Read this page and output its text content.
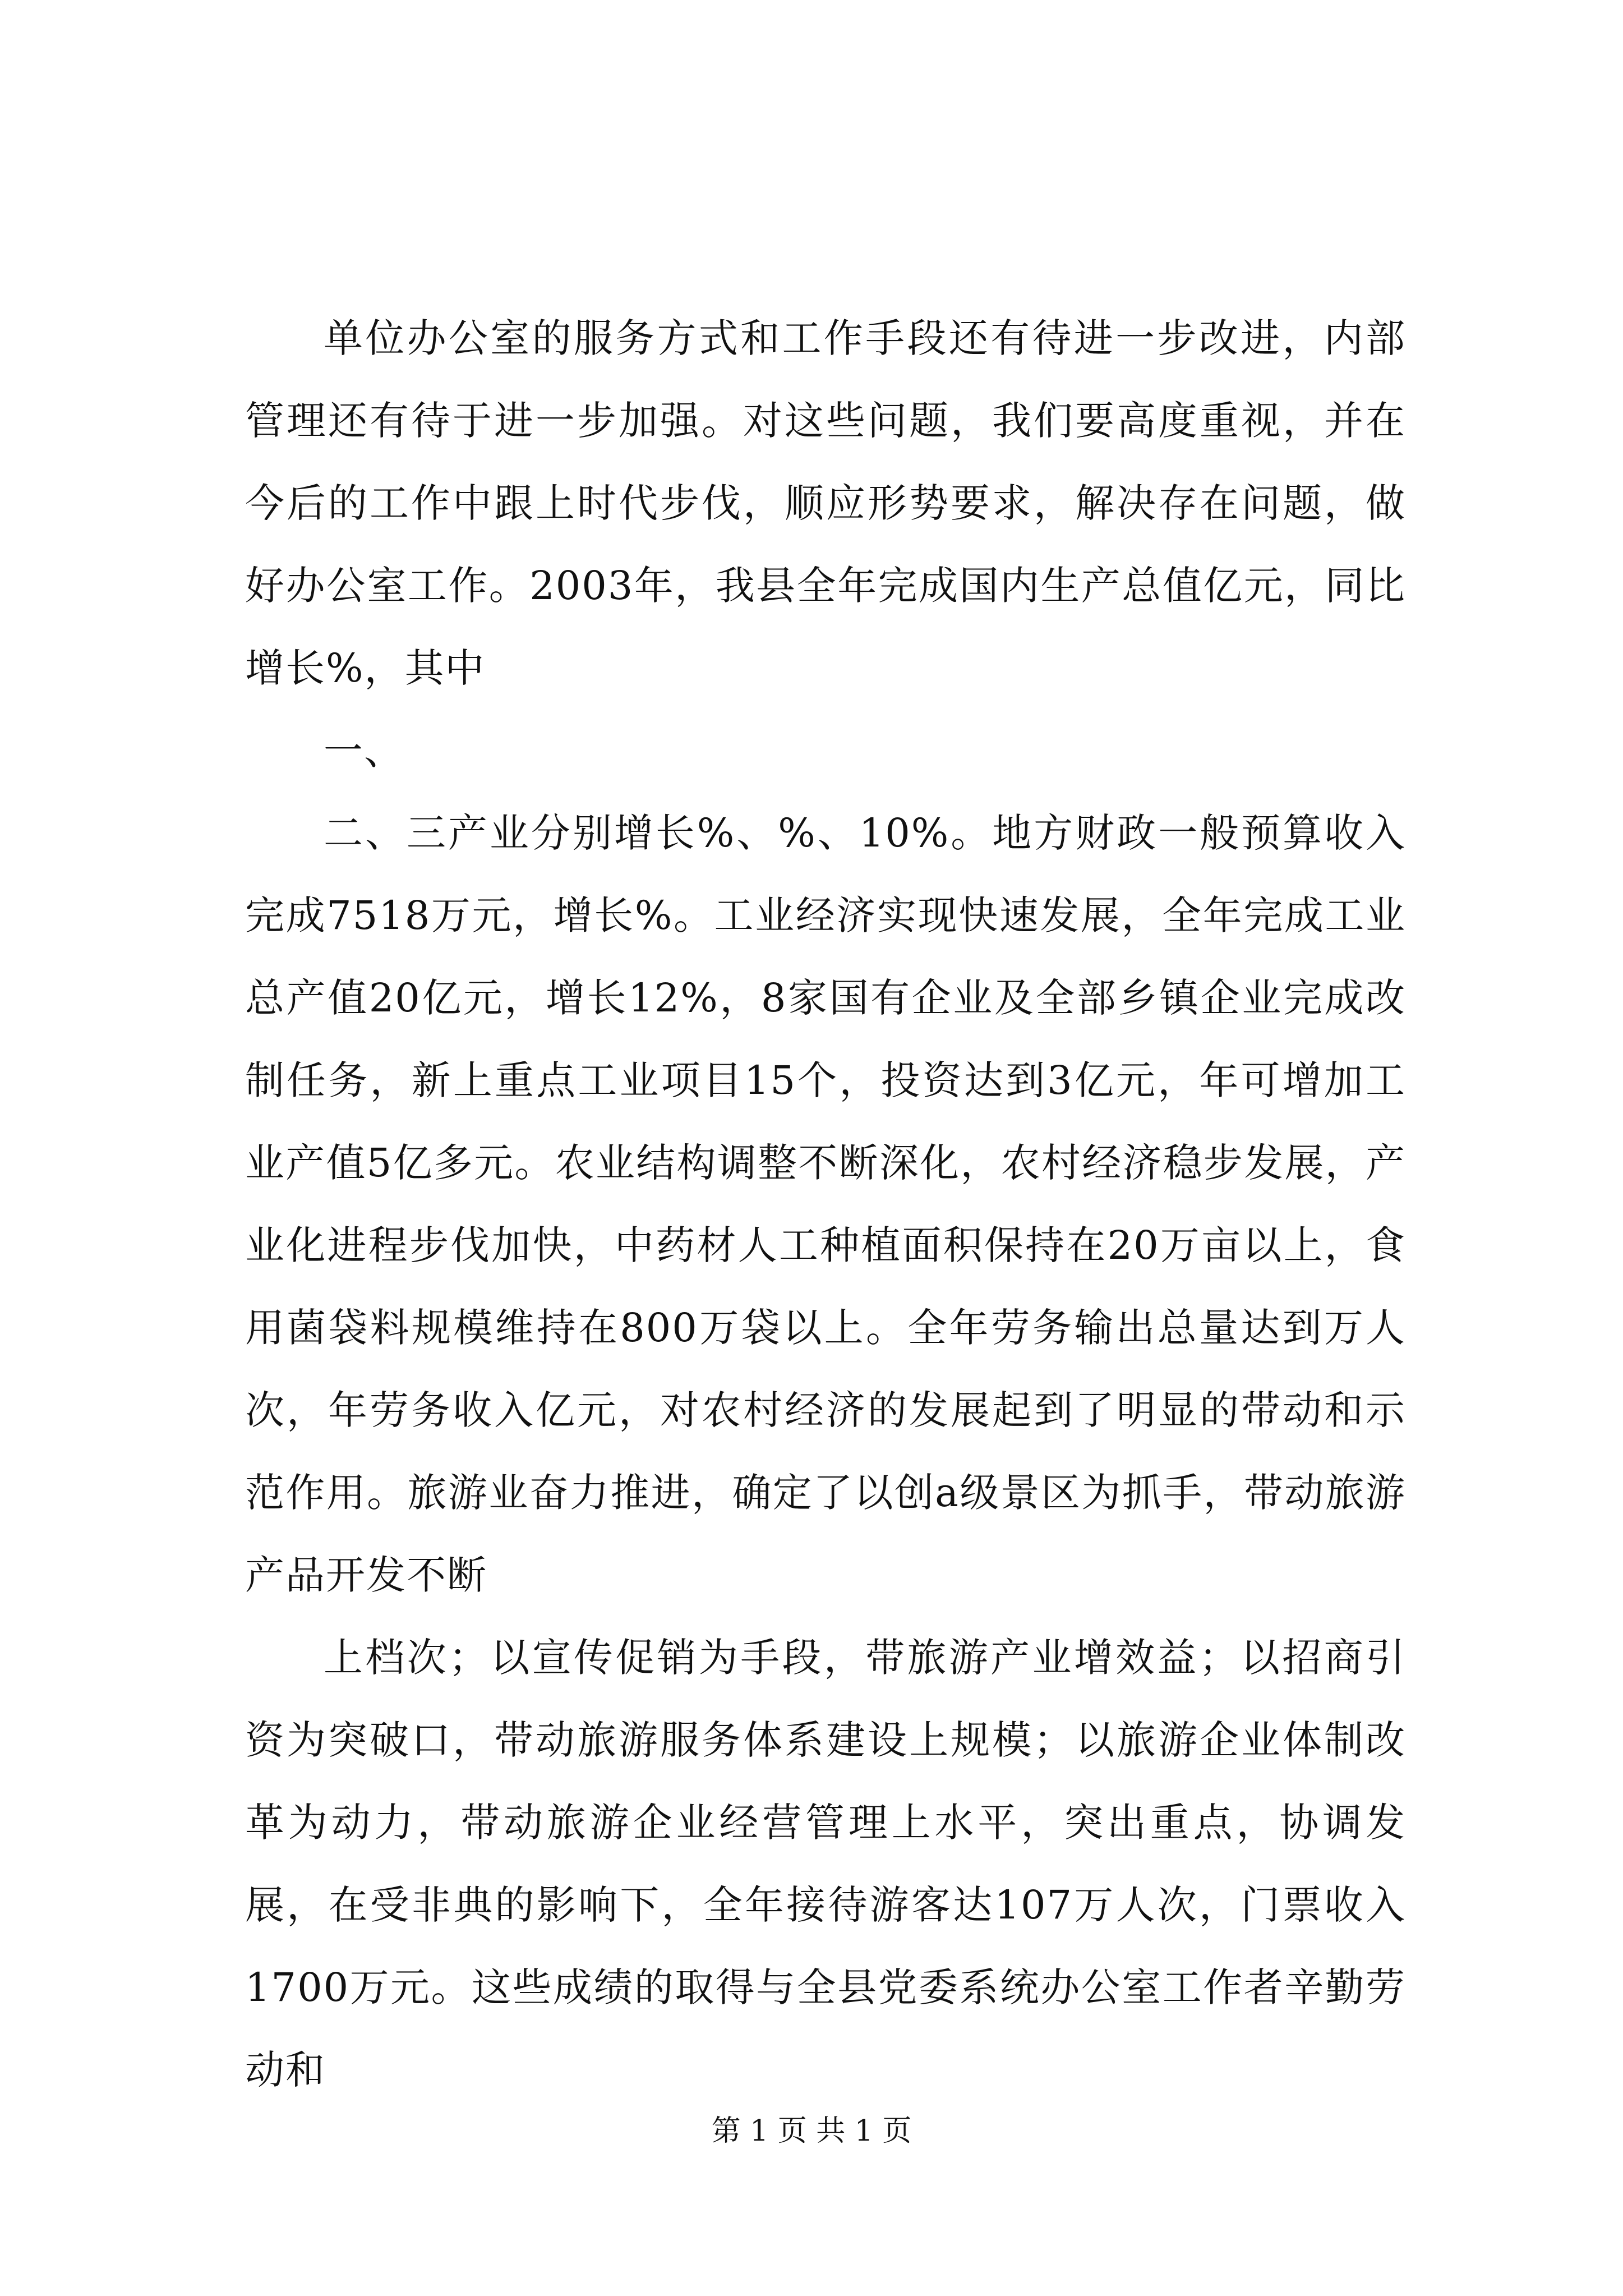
单位办公室的服务方式和工作手段还有待进一步改进，内部管理还有待于进一步加强。对这些问题，我们要高度重视，并在今后的工作中跟上时代步伐，顺应形势要求，解决存在问题，做好办公室工作。2003年，我县全年完成国内生产总值亿元，同比增长%，其中

一、

二、三产业分别增长%、%、10%。地方财政一般预算收入完成7518万元，增长%。工业经济实现快速发展，全年完成工业总产值20亿元，增长12%，8家国有企业及全部乡镇企业完成改制任务，新上重点工业项目15个，投资达到3亿元，年可增加工业产值5亿多元。农业结构调整不断深化，农村经济稳步发展，产业化进程步伐加快，中药材人工种植面积保持在20万亩以上，食用菌袋料规模维持在800万袋以上。全年劳务输出总量达到万人次，年劳务收入亿元，对农村经济的发展起到了明显的带动和示范作用。旅游业奋力推进，确定了以创a级景区为抓手，带动旅游产品开发不断

上档次；以宣传促销为手段，带旅游产业增效益；以招商引资为突破口，带动旅游服务体系建设上规模；以旅游企业体制改革为动力，带动旅游企业经营管理上水平，突出重点，协调发展，在受非典的影响下，全年接待游客达107万人次，门票收入1700万元。这些成绩的取得与全县党委系统办公室工作者辛勤劳动和

第 1 页 共 1 页
